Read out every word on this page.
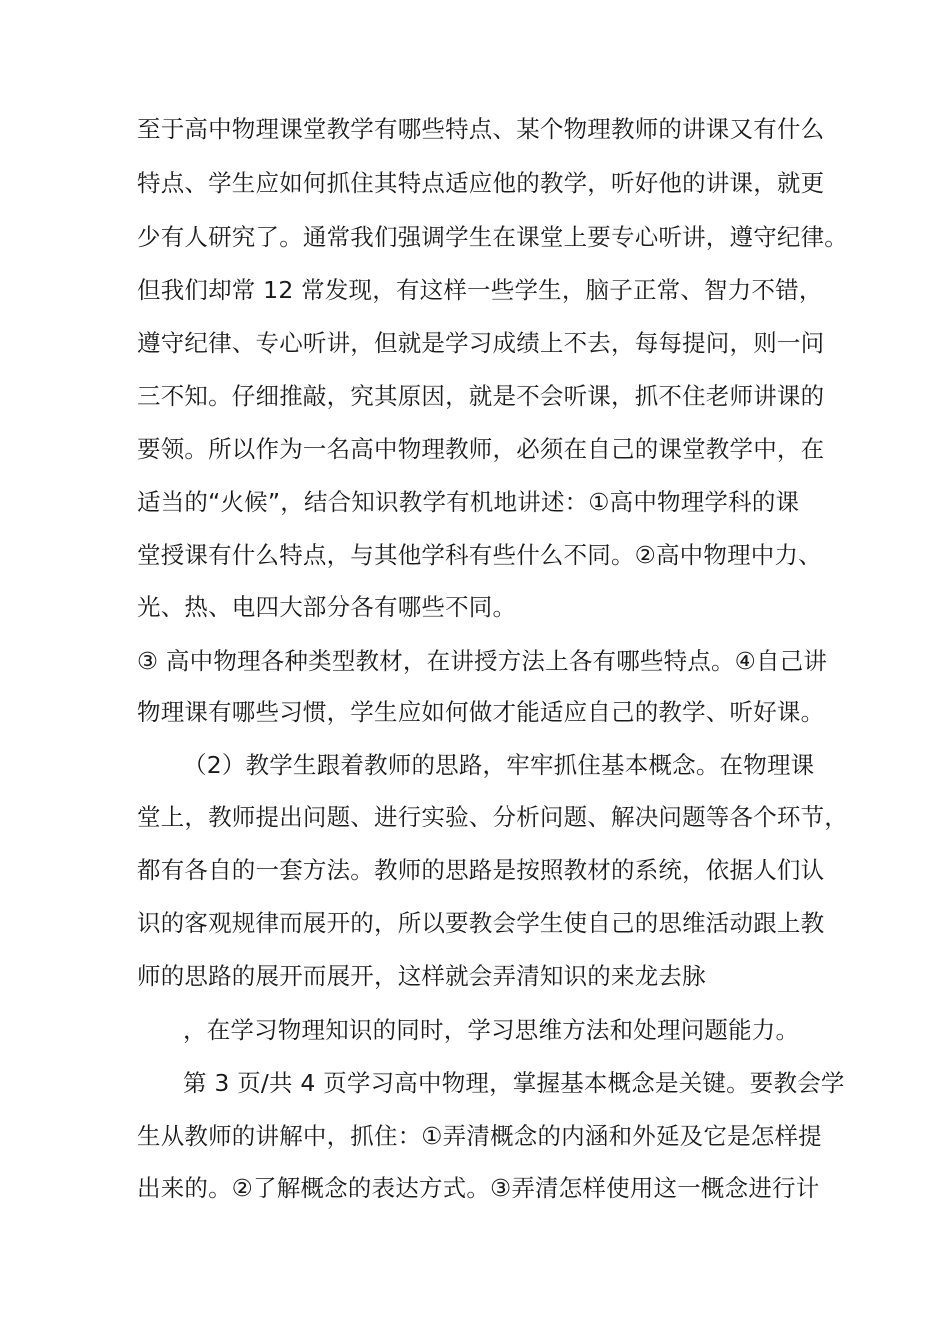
至于高中物理课堂教学有哪些特点、某个物理教师的讲课又有什么
特点、学生应如何抓住其特点适应他的教学，听好他的讲课，就更
少有人研究了。通常我们强调学生在课堂上要专心听讲，遵守纪律。
但我们却常 12 常发现，有这样一些学生，脑子正常、智力不错，
遵守纪律、专心听讲，但就是学习成绩上不去，每每提问，则一问
三不知。仔细推敲，究其原因，就是不会听课，抓不住老师讲课的
要领。所以作为一名高中物理教师，必须在自己的课堂教学中，在
适当的“火候”，结合知识教学有机地讲述：①高中物理学科的课
堂授课有什么特点，与其他学科有些什么不同。②高中物理中力、
光、热、电四大部分各有哪些不同。
③ 高中物理各种类型教材，在讲授方法上各有哪些特点。④自己讲
物理课有哪些习惯，学生应如何做才能适应自己的教学、听好课。
（2）教学生跟着教师的思路，牢牢抓住基本概念。在物理课
堂上，教师提出问题、进行实验、分析问题、解决问题等各个环节，
都有各自的一套方法。教师的思路是按照教材的系统，依据人们认
识的客观规律而展开的，所以要教会学生使自己的思维活动跟上教
师的思路的展开而展开，这样就会弄清知识的来龙去脉
，在学习物理知识的同时，学习思维方法和处理问题能力。
第 3 页/共 4 页学习高中物理，掌握基本概念是关键。要教会学
生从教师的讲解中，抓住：①弄清概念的内涵和外延及它是怎样提
出来的。②了解概念的表达方式。③弄清怎样使用这一概念进行计
